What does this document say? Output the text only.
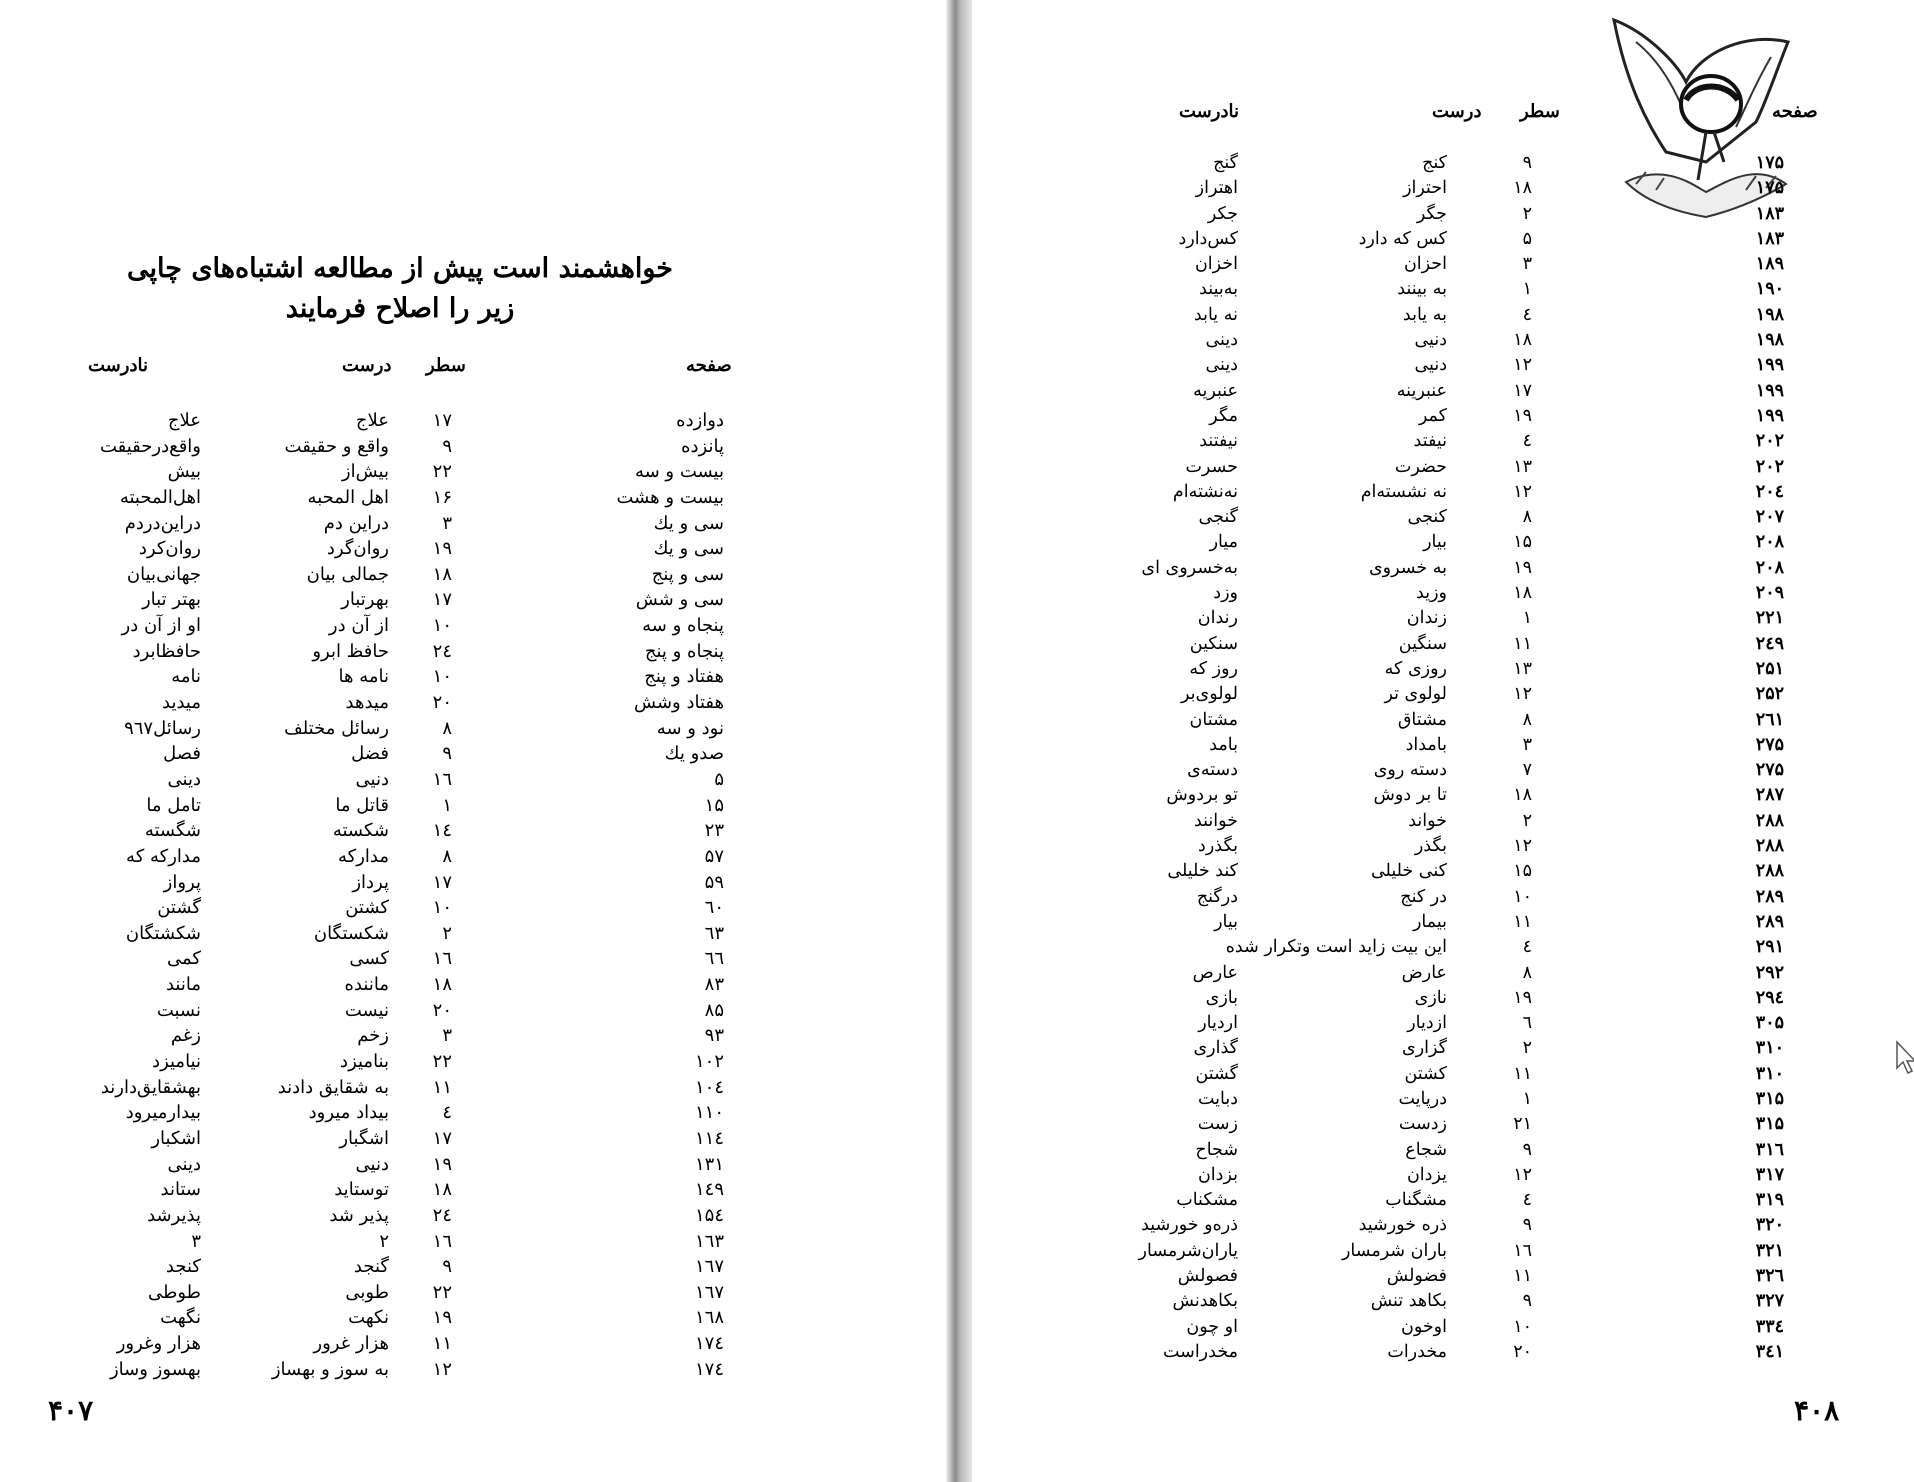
خواهشمند است پیش از مطالعه اشتباه‌های چاپی
زیر را اصلاح فرمایند
صفحه
سطر
درست
نادرست
دوازده
۱۷
علاج
علاج
پانزده
۹
واقع و حقیقت
واقع‌درحقیقت
بیست و سه
۲۲
بیش‌از
بیش
بیست و هشت
۱۶
اهل المحبه
اهل‌المحبته
سی و یك
۳
دراین دم
دراین‌دردم
سی و یك
۱۹
روان‌گرد
روان‌کرد
سی و پنج
۱۸
جمالی بیان
جهانی‌بیان
سی و شش
۱۷
بهرتبار
بهتر تبار
پنجاه و سه
۱۰
از آن در
او از آن در
پنجاه و پنج
۲٤
حافظ ابرو
حافظابرد
هفتاد و پنج
۱۰
نامه ها
نامه
هفتاد وشش
۲۰
میدهد
میدید
نود و سه
۸
رسائل مختلف
رسائل۹٦۷
صدو یك
۹
فضل
فصل
۵
۱٦
دنیی
دینی
۱۵
۱
قاتل ما
تامل ما
۲۳
۱٤
شکسته
شگسته
۵۷
۸
مدارکه
مدارکه که
۵۹
۱۷
پرداز
پرواز
٦۰
۱۰
کشتن
گشتن
٦۳
۲
شکستگان
شکشتگان
٦٦
۱٦
کسی
کمی
۸۳
۱۸
ماننده
مانند
۸۵
۲۰
نیست
نسبت
۹۳
۳
زخم
زغم
۱۰۲
۲۲
بنامیزد
نیامیزد
۱۰٤
۱۱
به شقایق دادند
بهشقایق‌دارند
۱۱۰
٤
بیداد میرود
بیدارمیرود
۱۱٤
۱۷
اشگبار
اشکبار
۱۳۱
۱۹
دنیی
دینی
۱٤۹
۱۸
توستاید
ستاند
۱۵٤
۲٤
پذیر شد
پذیرشد
۱٦۳
۱٦
۲
۳
۱٦۷
۹
گنجد
کنجد
۱٦۷
۲۲
طوبی
طوطی
۱٦۸
۱۹
نکهت
نگهت
۱۷٤
۱۱
هزار غرور
هزار وغرور
۱۷٤
۱۲
به سوز و بهساز
بهسوز وساز
۴۰۷
صفحه
سطر
درست
نادرست
۱۷۵
۹
کنج
گنج
۱۷۵
۱۸
احتراز
اهتراز
۱۸۳
۲
جگر
جکر
۱۸۳
۵
کس که دارد
کس‌دارد
۱۸۹
۳
احزان
اخزان
۱۹۰
۱
به بینند
به‌بیند
۱۹۸
٤
به یابد
نه یابد
۱۹۸
۱۸
دنیی
دینی
۱۹۹
۱۲
دنیی
دینی
۱۹۹
۱۷
عنبرینه
عنبریه
۱۹۹
۱۹
کمر
مگر
۲۰۲
٤
نیفتد
نیفتند
۲۰۲
۱۳
حضرت
حسرت
۲۰٤
۱۲
نه نشسته‌ام
نه‌نشته‌ام
۲۰۷
۸
کنجی
گنجی
۲۰۸
۱۵
بیار
میار
۲۰۸
۱۹
به خسروی
به‌خسروی ای
۲۰۹
۱۸
وزید
وزد
۲۲۱
۱
زندان
رندان
۲٤۹
۱۱
سنگین
سنکین
۲۵۱
۱۳
روزی که
روز که
۲۵۲
۱۲
لولوی تر
لولوی‌بر
۲٦۱
۸
مشتاق
مشتان
۲۷۵
۳
بامداد
بامد
۲۷۵
۷
دسته روی
دسته‌ی
۲۸۷
۱۸
تا بر دوش
تو بردوش
۲۸۸
۲
خواند
خوانند
۲۸۸
۱۲
بگذر
بگذرد
۲۸۸
۱۵
کنی خلیلی
کند خلیلی
۲۸۹
۱۰
در کنج
درگنج
۲۸۹
۱۱
بیمار
بیار
۲۹۱
٤
این بیت زاید است وتکرار شده
۲۹۲
۸
عارض
عارص
۲۹٤
۱۹
نازی
بازی
۳۰۵
٦
ازدیار
اردیار
۳۱۰
۲
گزاری
گذاری
۳۱۰
۱۱
کشتن
گشتن
۳۱۵
۱
درپایت
دبایت
۳۱۵
۲۱
زدست
زست
۳۱٦
۹
شجاع
شجاح
۳۱۷
۱۲
یزدان
بزدان
۳۱۹
٤
مشگناب
مشکناب
۳۲۰
۹
ذره خورشید
ذره‌و خورشید
۳۲۱
۱٦
باران شرمسار
یاران‌شرمسار
۳۲٦
۱۱
فضولش
فصولش
۳۲۷
۹
بکاهد تنش
بکاهدنش
۳۳٤
۱۰
اوخون
او چون
۳٤۱
۲۰
مخدرات
مخدراست
۴۰۸
